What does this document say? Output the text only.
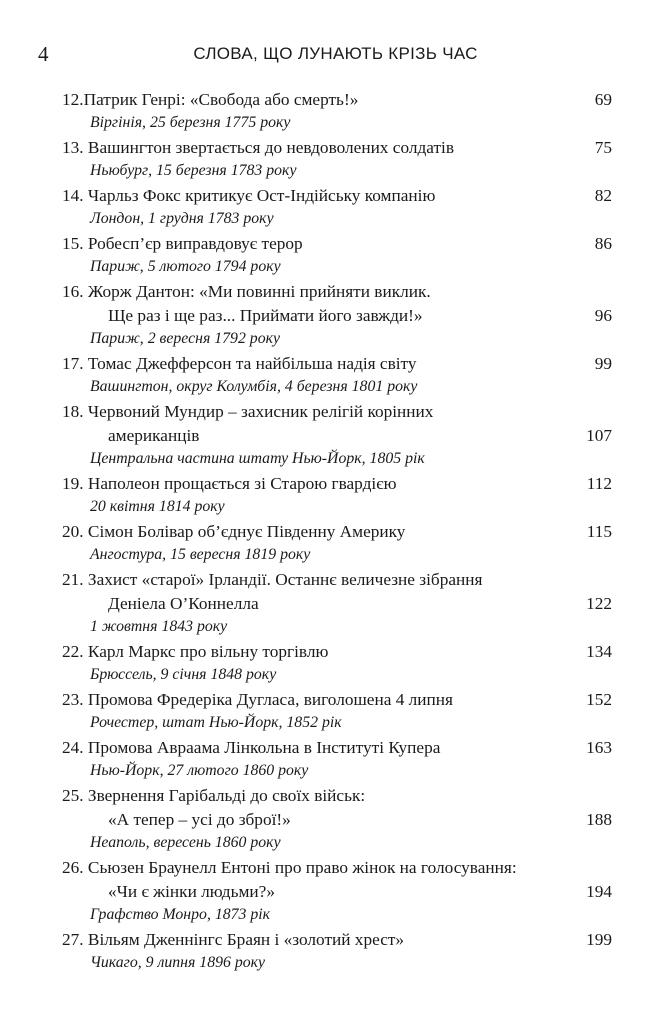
4	СЛОВА, ЩО ЛУНАЮТЬ КРІЗЬ ЧАС
12.Патрик Генрі: «Свобода або смерть!»
Віргінія, 25 березня 1775 року
69
13. Вашингтон звертається до невдоволених солдатів
Ньюбург, 15 березня 1783 року
75
14. Чарльз Фокс критикує Ост-Індійську компанію
Лондон, 1 грудня 1783 року
82
15. Робесп’єр виправдовує терор
Париж, 5 лютого 1794 року
86
16. Жорж Дантон: «Ми повинні прийняти виклик.
Ще раз і ще раз... Приймати його завжди!»
Париж, 2 вересня 1792 року
96
17. Томас Джефферсон та найбільша надія світу
Вашингтон, округ Колумбія, 4 березня 1801 року
99
18. Червоний Мундир – захисник релігій корінних
американців
Центральна частина штату Нью-Йорк, 1805 рік
107
19. Наполеон прощається зі Старою гвардією
20 квітня 1814 року
112
20. Сімон Болівар об’єднує Південну Америку
Ангостура, 15 вересня 1819 року
115
21. Захист «старої» Ірландії. Останнє величезне зібрання
Деніела О’Коннелла
1 жовтня 1843 року
122
22. Карл Маркс про вільну торгівлю
Брюссель, 9 січня 1848 року
134
23. Промова Фредеріка Дугласа, виголошена 4 липня
Рочестер, штат Нью-Йорк, 1852 рік
152
24. Промова Авраама Лінкольна в Інституті Купера
Нью-Йорк, 27 лютого 1860 року
163
25. Звернення Гарібальді до своїх військ:
«А тепер – усі до зброї!»
Неаполь, вересень 1860 року
188
26. Сьюзен Браунелл Ентоні про право жінок на голосування:
«Чи є жінки людьми?»
Графство Монро, 1873 рік
194
27. Вільям Дженнінгс Браян і «золотий хрест»
Чикаго, 9 липня 1896 року
199
